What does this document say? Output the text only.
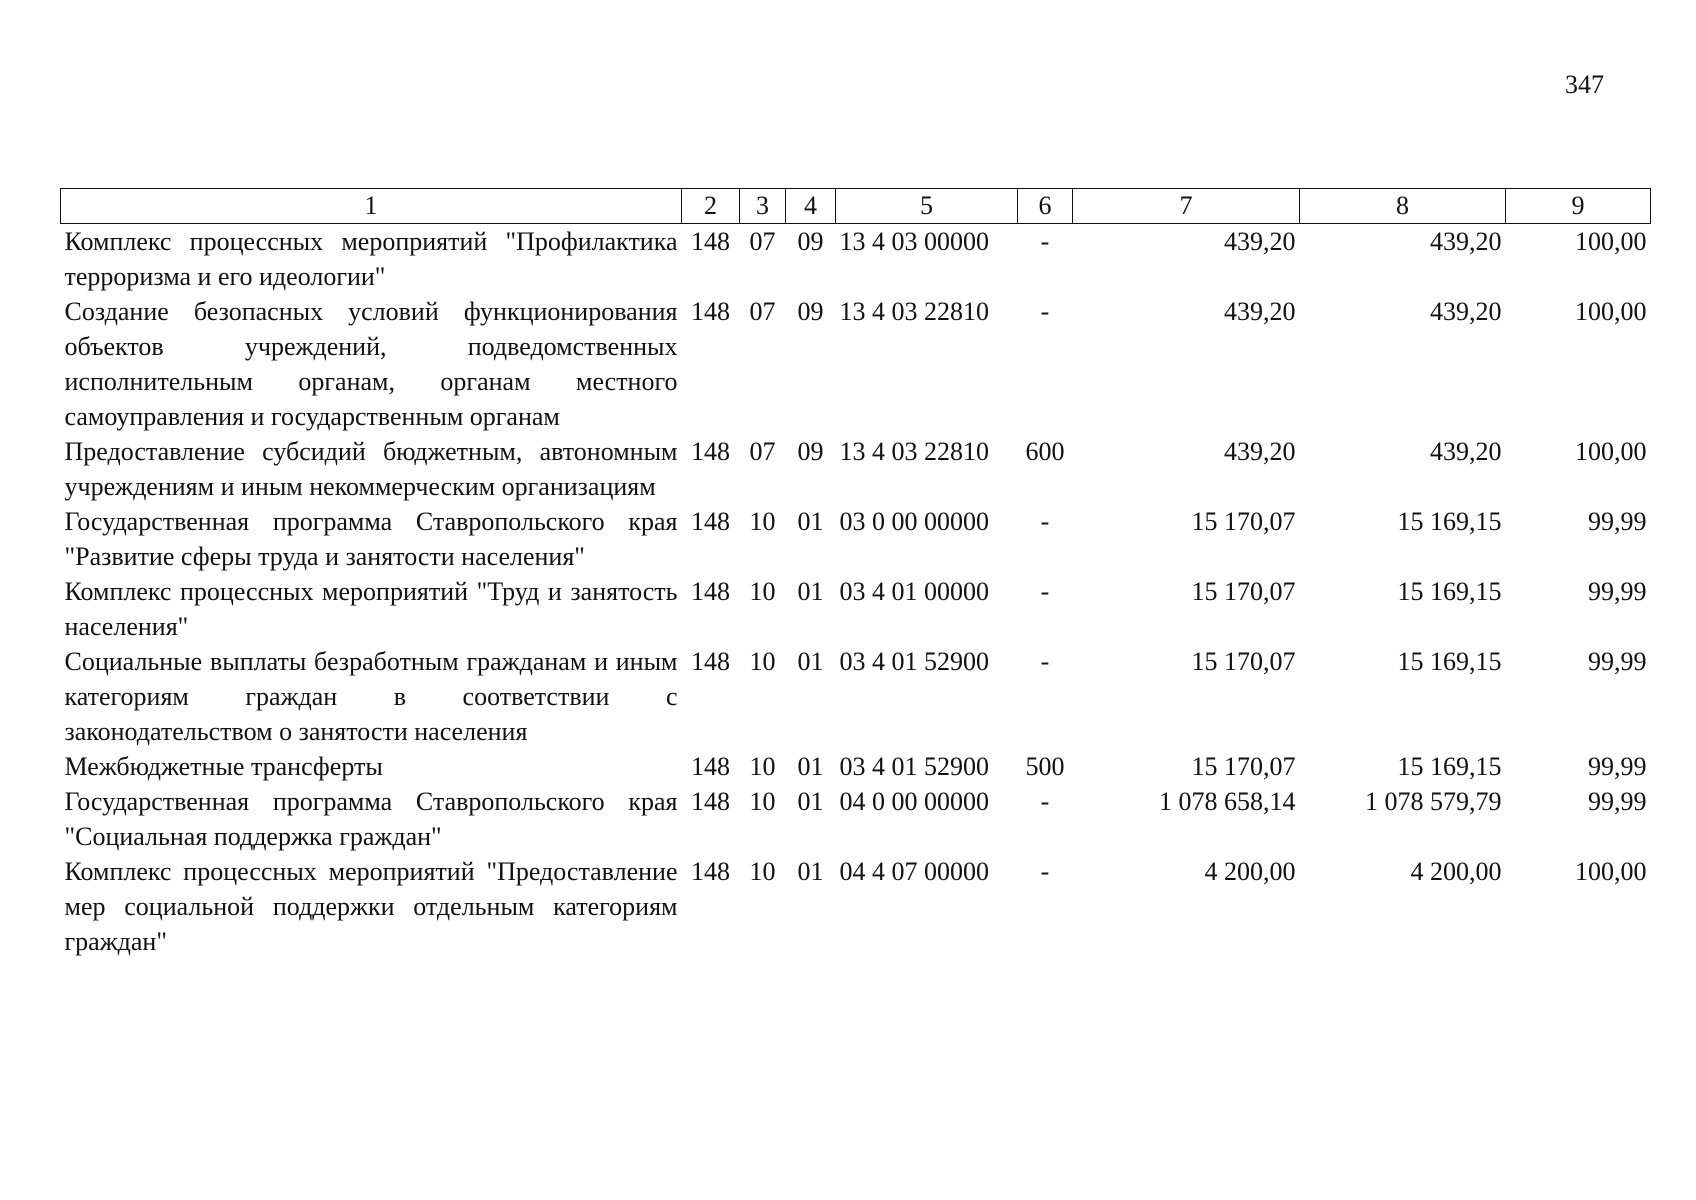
347
1	2	3	4	5	6	7	8	9
Комплекс процессных мероприятий "Профилактика терроризма и его идеологии"	148	07	09	13 4 03 00000	-	439,20	439,20	100,00
Создание безопасных условий функционирования объектов учреждений, подведомственных исполнительным органам, органам местного самоуправления и государственным органам	148	07	09	13 4 03 22810	-	439,20	439,20	100,00
Предоставление субсидий бюджетным, автономным учреждениям и иным некоммерческим организациям	148	07	09	13 4 03 22810	600	439,20	439,20	100,00
Государственная программа Ставропольского края "Развитие сферы труда и занятости населения"	148	10	01	03 0 00 00000	-	15 170,07	15 169,15	99,99
Комплекс процессных мероприятий "Труд и занятость населения"	148	10	01	03 4 01 00000	-	15 170,07	15 169,15	99,99
Социальные выплаты безработным гражданам и иным категориям граждан в соответствии с законодательством о занятости населения	148	10	01	03 4 01 52900	-	15 170,07	15 169,15	99,99
Межбюджетные трансферты	148	10	01	03 4 01 52900	500	15 170,07	15 169,15	99,99
Государственная программа Ставропольского края "Социальная поддержка граждан"	148	10	01	04 0 00 00000	-	1 078 658,14	1 078 579,79	99,99
Комплекс процессных мероприятий "Предоставление мер социальной поддержки отдельным категориям граждан"	148	10	01	04 4 07 00000	-	4 200,00	4 200,00	100,00
